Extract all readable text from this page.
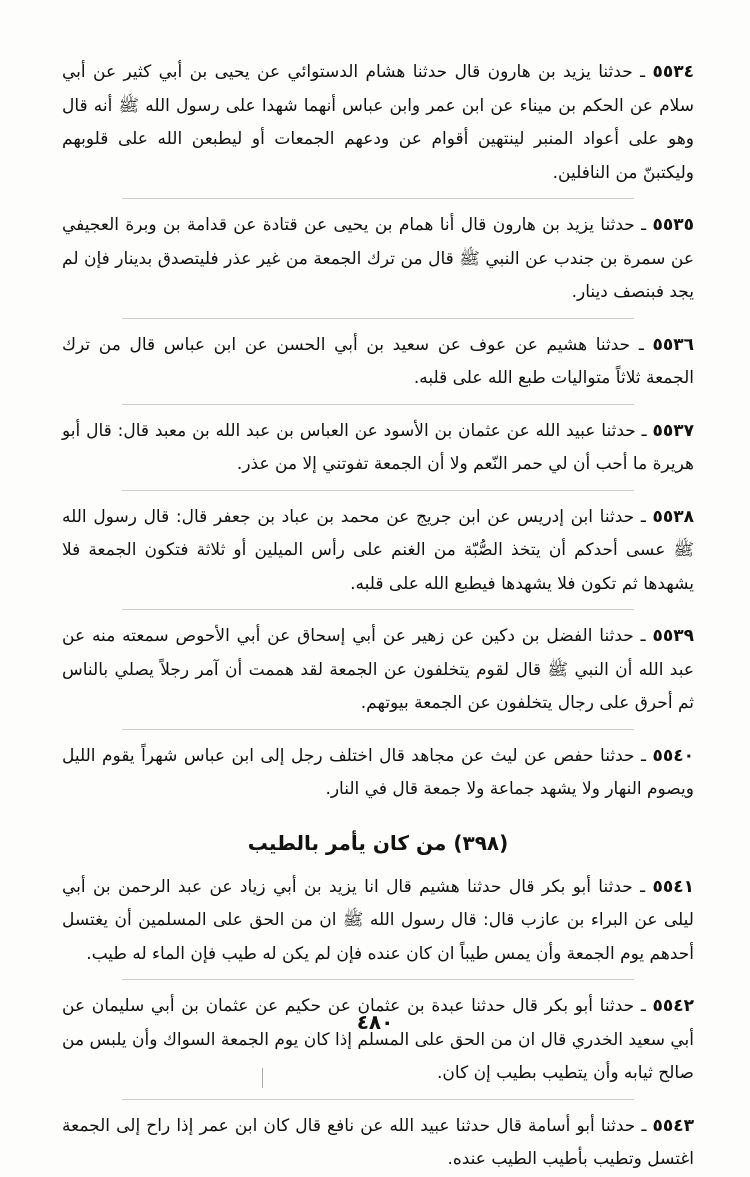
٥٥٣٤ ـ حدثنا يزيد بن هارون قال حدثنا هشام الدستوائي عن يحيى بن أبي كثير عن أبي سلام عن الحكم بن ميناء عن ابن عمر وابن عباس أنهما شهدا على رسول الله ﷺ أنه قال وهو على أعواد المنبر لينتهين أقوام عن ودعهم الجمعات أو ليطبعن الله على قلوبهم وليكتبنّ من النافلين.

٥٥٣٥ ـ حدثنا يزيد بن هارون قال أنا همام بن يحيى عن قتادة عن قدامة بن وبرة العجيفي عن سمرة بن جندب عن النبي ﷺ قال من ترك الجمعة من غير عذر فليتصدق بدينار فإن لم يجد فبنصف دينار.

٥٥٣٦ ـ حدثنا هشيم عن عوف عن سعيد بن أبي الحسن عن ابن عباس قال من ترك الجمعة ثلاثاً متواليات طبع الله على قلبه.

٥٥٣٧ ـ حدثنا عبيد الله عن عثمان بن الأسود عن العباس بن عبد الله بن معبد قال: قال أبو هريرة ما أحب أن لي حمر النّعم ولا أن الجمعة تفوتني إلا من عذر.

٥٥٣٨ ـ حدثنا ابن إدريس عن ابن جريج عن محمد بن عباد بن جعفر قال: قال رسول الله ﷺ عسى أحدكم أن يتخذ الصُّبّة من الغنم على رأس الميلين أو ثلاثة فتكون الجمعة فلا يشهدها ثم تكون فلا يشهدها فيطبع الله على قلبه.

٥٥٣٩ ـ حدثنا الفضل بن دكين عن زهير عن أبي إسحاق عن أبي الأحوص سمعته منه عن عبد الله أن النبي ﷺ قال لقوم يتخلفون عن الجمعة لقد هممت أن آمر رجلاً يصلي بالناس ثم أحرق على رجال يتخلفون عن الجمعة بيوتهم.

٥٥٤٠ ـ حدثنا حفص عن ليث عن مجاهد قال اختلف رجل إلى ابن عباس شهراً يقوم الليل ويصوم النهار ولا يشهد جماعة ولا جمعة قال في النار.

(٣٩٨) من كان يأمر بالطيب

٥٥٤١ ـ حدثنا أبو بكر قال حدثنا هشيم قال انا يزيد بن أبي زياد عن عبد الرحمن بن أبي ليلى عن البراء بن عازب قال: قال رسول الله ﷺ ان من الحق على المسلمين أن يغتسل أحدهم يوم الجمعة وأن يمس طيباً ان كان عنده فإن لم يكن له طيب فإن الماء له طيب.

٥٥٤٢ ـ حدثنا أبو بكر قال حدثنا عبدة بن عثمان عن حكيم عن عثمان بن أبي سليمان عن أبي سعيد الخدري قال ان من الحق على المسلم إذا كان يوم الجمعة السواك وأن يلبس من صالح ثيابه وأن يتطيب بطيب إن كان.

٥٥٤٣ ـ حدثنا أبو أسامة قال حدثنا عبيد الله عن نافع قال كان ابن عمر إذا راح إلى الجمعة اغتسل وتطيب بأطيب الطيب عنده.

٤٨٠
